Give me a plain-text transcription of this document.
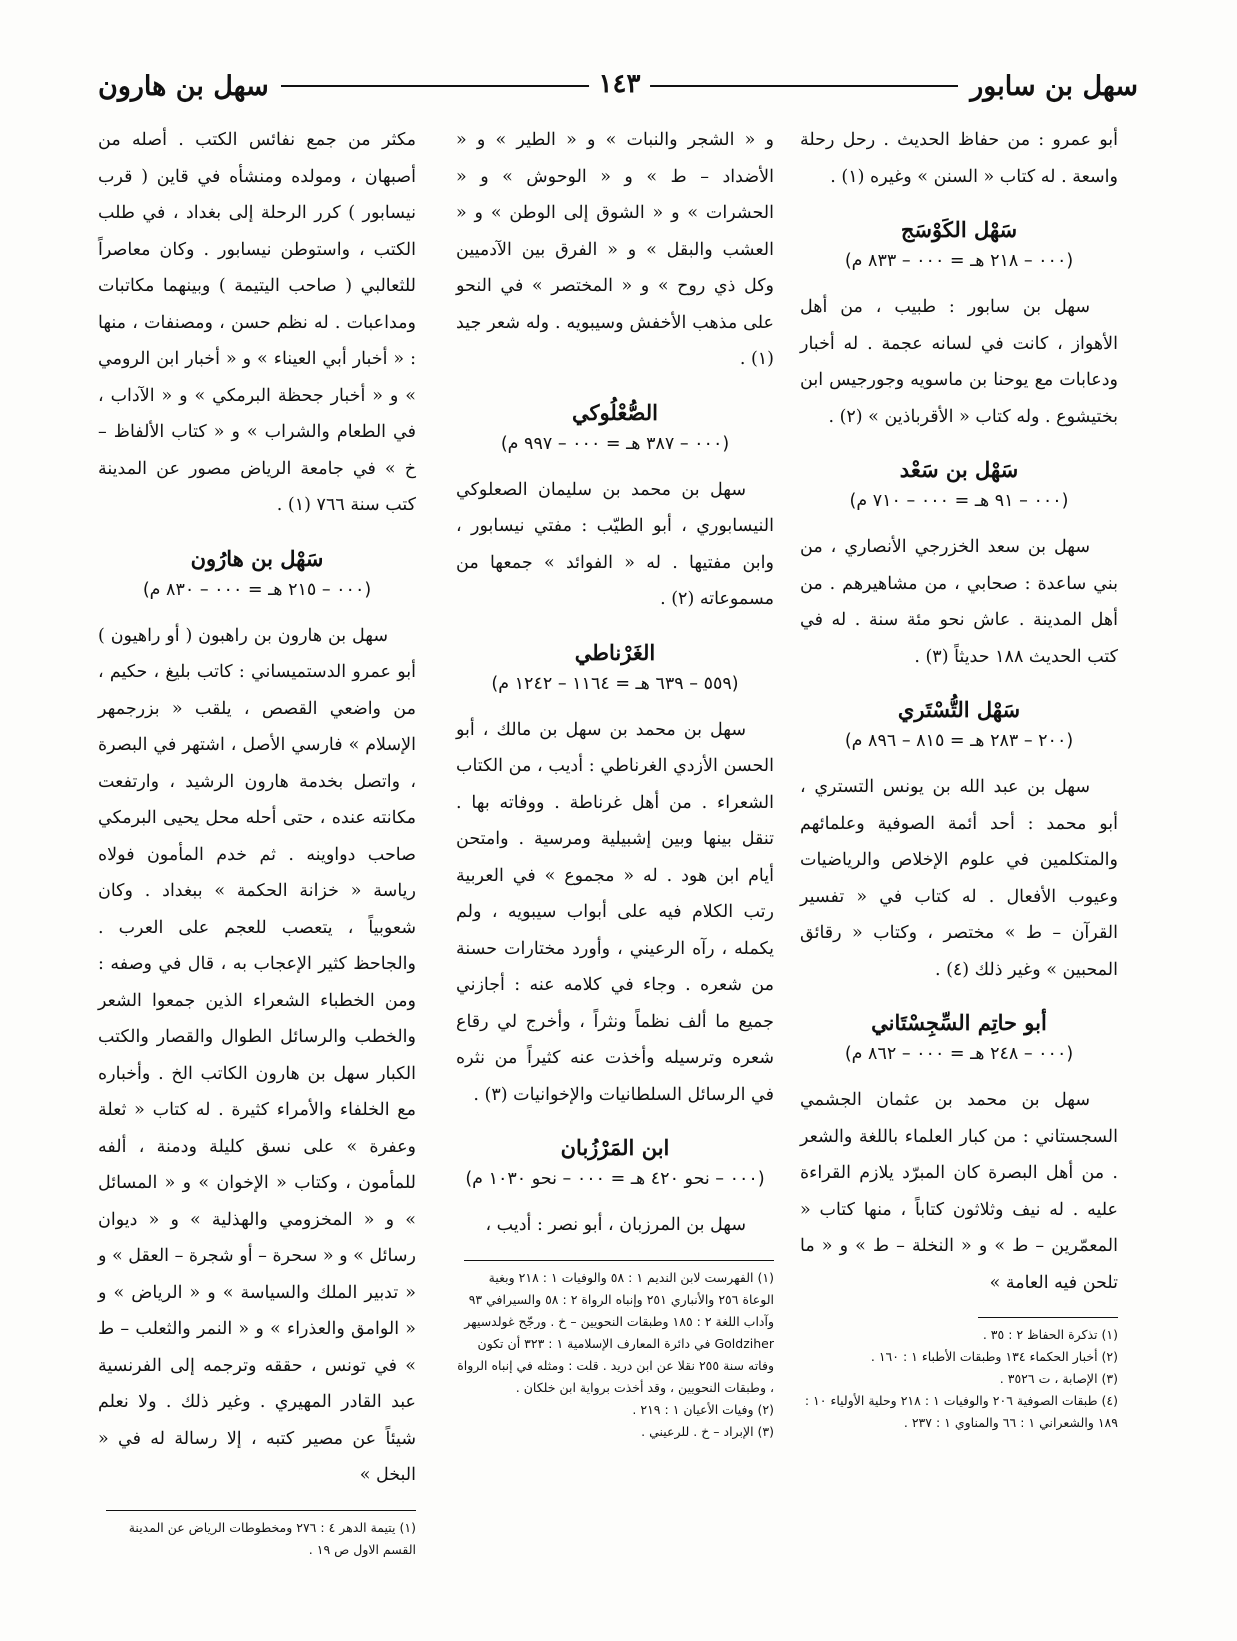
سهل بن سابور
١٤٣
سهل بن هارون

أبو عمرو : من حفاظ الحديث . رحل رحلة واسعة . له كتاب « السنن » وغيره (١) .

سَهْل الكَوْسَج
(٠٠٠ – ٢١٨ هـ = ٠٠٠ – ٨٣٣ م)

سهل بن سابور : طبيب ، من أهل الأهواز ، كانت في لسانه عجمة . له أخبار ودعابات مع يوحنا بن ماسويه وجورجيس ابن بختيشوع . وله كتاب « الأقرباذين » (٢) .

سَهْل بن سَعْد
(٠٠٠ – ٩١ هـ = ٠٠٠ – ٧١٠ م)

سهل بن سعد الخزرجي الأنصاري ، من بني ساعدة : صحابي ، من مشاهيرهم . من أهل المدينة . عاش نحو مئة سنة . له في كتب الحديث ١٨٨ حديثاً (٣) .

سَهْل التُّسْتَري
(٢٠٠ – ٢٨٣ هـ = ٨١٥ – ٨٩٦ م)

سهل بن عبد الله بن يونس التستري ، أبو محمد : أحد أئمة الصوفية وعلمائهم والمتكلمين في علوم الإخلاص والرياضيات وعيوب الأفعال . له كتاب في « تفسير القرآن – ط » مختصر ، وكتاب « رقائق المحبين » وغير ذلك (٤) .

أبو حاتِم السِّجِسْتَاني
(٠٠٠ – ٢٤٨ هـ = ٠٠٠ – ٨٦٢ م)

سهل بن محمد بن عثمان الجشمي السجستاني : من كبار العلماء باللغة والشعر . من أهل البصرة كان المبرّد يلازم القراءة عليه . له نيف وثلاثون كتاباً ، منها كتاب « المعمّرين – ط » و « النخلة – ط » و « ما تلحن فيه العامة »

(١) تذكرة الحفاظ ٢ : ٣٥ .
(٢) أخبار الحكماء ١٣٤ وطبقات الأطباء ١ : ١٦٠ .
(٣) الإصابة ، ت ٣٥٢٦ .
(٤) طبقات الصوفية ٢٠٦ والوفيات ١ : ٢١٨ وحلية الأولياء ١٠ : ١٨٩ والشعراني ١ : ٦٦ والمناوي ١ : ٢٣٧ .

و « الشجر والنبات » و « الطير » و « الأضداد – ط » و « الوحوش » و « الحشرات » و « الشوق إلى الوطن » و « العشب والبقل » و « الفرق بين الآدميين وكل ذي روح » و « المختصر » في النحو على مذهب الأخفش وسيبويه . وله شعر جيد (١) .

الصُّعْلُوكي
(٠٠٠ – ٣٨٧ هـ = ٠٠٠ – ٩٩٧ م)

سهل بن محمد بن سليمان الصعلوكي النيسابوري ، أبو الطيّب : مفتي نيسابور ، وابن مفتيها . له « الفوائد » جمعها من مسموعاته (٢) .

الغَرْناطي
(٥٥٩ – ٦٣٩ هـ = ١١٦٤ – ١٢٤٢ م)

سهل بن محمد بن سهل بن مالك ، أبو الحسن الأزدي الغرناطي : أديب ، من الكتاب الشعراء . من أهل غرناطة . ووفاته بها . تنقل بينها وبين إشبيلية ومرسية . وامتحن أيام ابن هود . له « مجموع » في العربية رتب الكلام فيه على أبواب سيبويه ، ولم يكمله ، رآه الرعيني ، وأورد مختارات حسنة من شعره . وجاء في كلامه عنه : أجازني جميع ما ألف نظماً ونثراً ، وأخرج لي رقاع شعره وترسيله وأخذت عنه كثيراً من نثره في الرسائل السلطانيات والإخوانيات (٣) .

ابن المَرْزُبان
(٠٠٠ – نحو ٤٢٠ هـ = ٠٠٠ – نحو ١٠٣٠ م)

سهل بن المرزبان ، أبو نصر : أديب ،

(١) الفهرست لابن النديم ١ : ٥٨ والوفيات ١ : ٢١٨ وبغية الوعاة ٢٥٦ والأنباري ٢٥١ وإنباه الرواة ٢ : ٥٨ والسيرافي ٩٣ وآداب اللغة ٢ : ١٨٥ وطبقات النحويين – خ . ورجّح غولدسيهر Goldziher في دائرة المعارف الإسلامية ١ : ٣٢٣ أن تكون وفاته سنة ٢٥٥ نقلا عن ابن دريد . قلت : ومثله في إنباه الرواة ، وطبقات النحويين ، وقد أخذت برواية ابن خلكان .
(٢) وفيات الأعيان ١ : ٢١٩ .
(٣) الإبراد – خ . للرعيني .

مكثر من جمع نفائس الكتب . أصله من أصبهان ، ومولده ومنشأه في قاين ( قرب نيسابور ) كرر الرحلة إلى بغداد ، في طلب الكتب ، واستوطن نيسابور . وكان معاصراً للثعالبي ( صاحب اليتيمة ) وبينهما مكاتبات ومداعبات . له نظم حسن ، ومصنفات ، منها : « أخبار أبي العيناء » و « أخبار ابن الرومي » و « أخبار جحظة البرمكي » و « الآداب ، في الطعام والشراب » و « كتاب الألفاظ – خ » في جامعة الرياض مصور عن المدينة كتب سنة ٧٦٦ (١) .

سَهْل بن هارُون
(٠٠٠ – ٢١٥ هـ = ٠٠٠ – ٨٣٠ م)

سهل بن هارون بن راهبون ( أو راهيون ) أبو عمرو الدستميساني : كاتب بليغ ، حكيم ، من واضعي القصص ، يلقب « بزرجمهر الإسلام » فارسي الأصل ، اشتهر في البصرة ، واتصل بخدمة هارون الرشيد ، وارتفعت مكانته عنده ، حتى أحله محل يحيى البرمكي صاحب دواوينه . ثم خدم المأمون فولاه رياسة « خزانة الحكمة » ببغداد . وكان شعوبياً ، يتعصب للعجم على العرب . والجاحظ كثير الإعجاب به ، قال في وصفه : ومن الخطباء الشعراء الذين جمعوا الشعر والخطب والرسائل الطوال والقصار والكتب الكبار سهل بن هارون الكاتب الخ . وأخباره مع الخلفاء والأمراء كثيرة . له كتاب « ثعلة وعفرة » على نسق كليلة ودمنة ، ألفه للمأمون ، وكتاب « الإخوان » و « المسائل » و « المخزومي والهذلية » و « ديوان رسائل » و « سحرة – أو شجرة – العقل » و « تدبير الملك والسياسة » و « الرياض » و « الوامق والعذراء » و « النمر والثعلب – ط » في تونس ، حققه وترجمه إلى الفرنسية عبد القادر المهيري . وغير ذلك . ولا نعلم شيئاً عن مصير كتبه ، إلا رسالة له في « البخل »

(١) يتيمة الدهر ٤ : ٢٧٦ ومخطوطات الرياض عن المدينة القسم الاول ص ١٩ .
